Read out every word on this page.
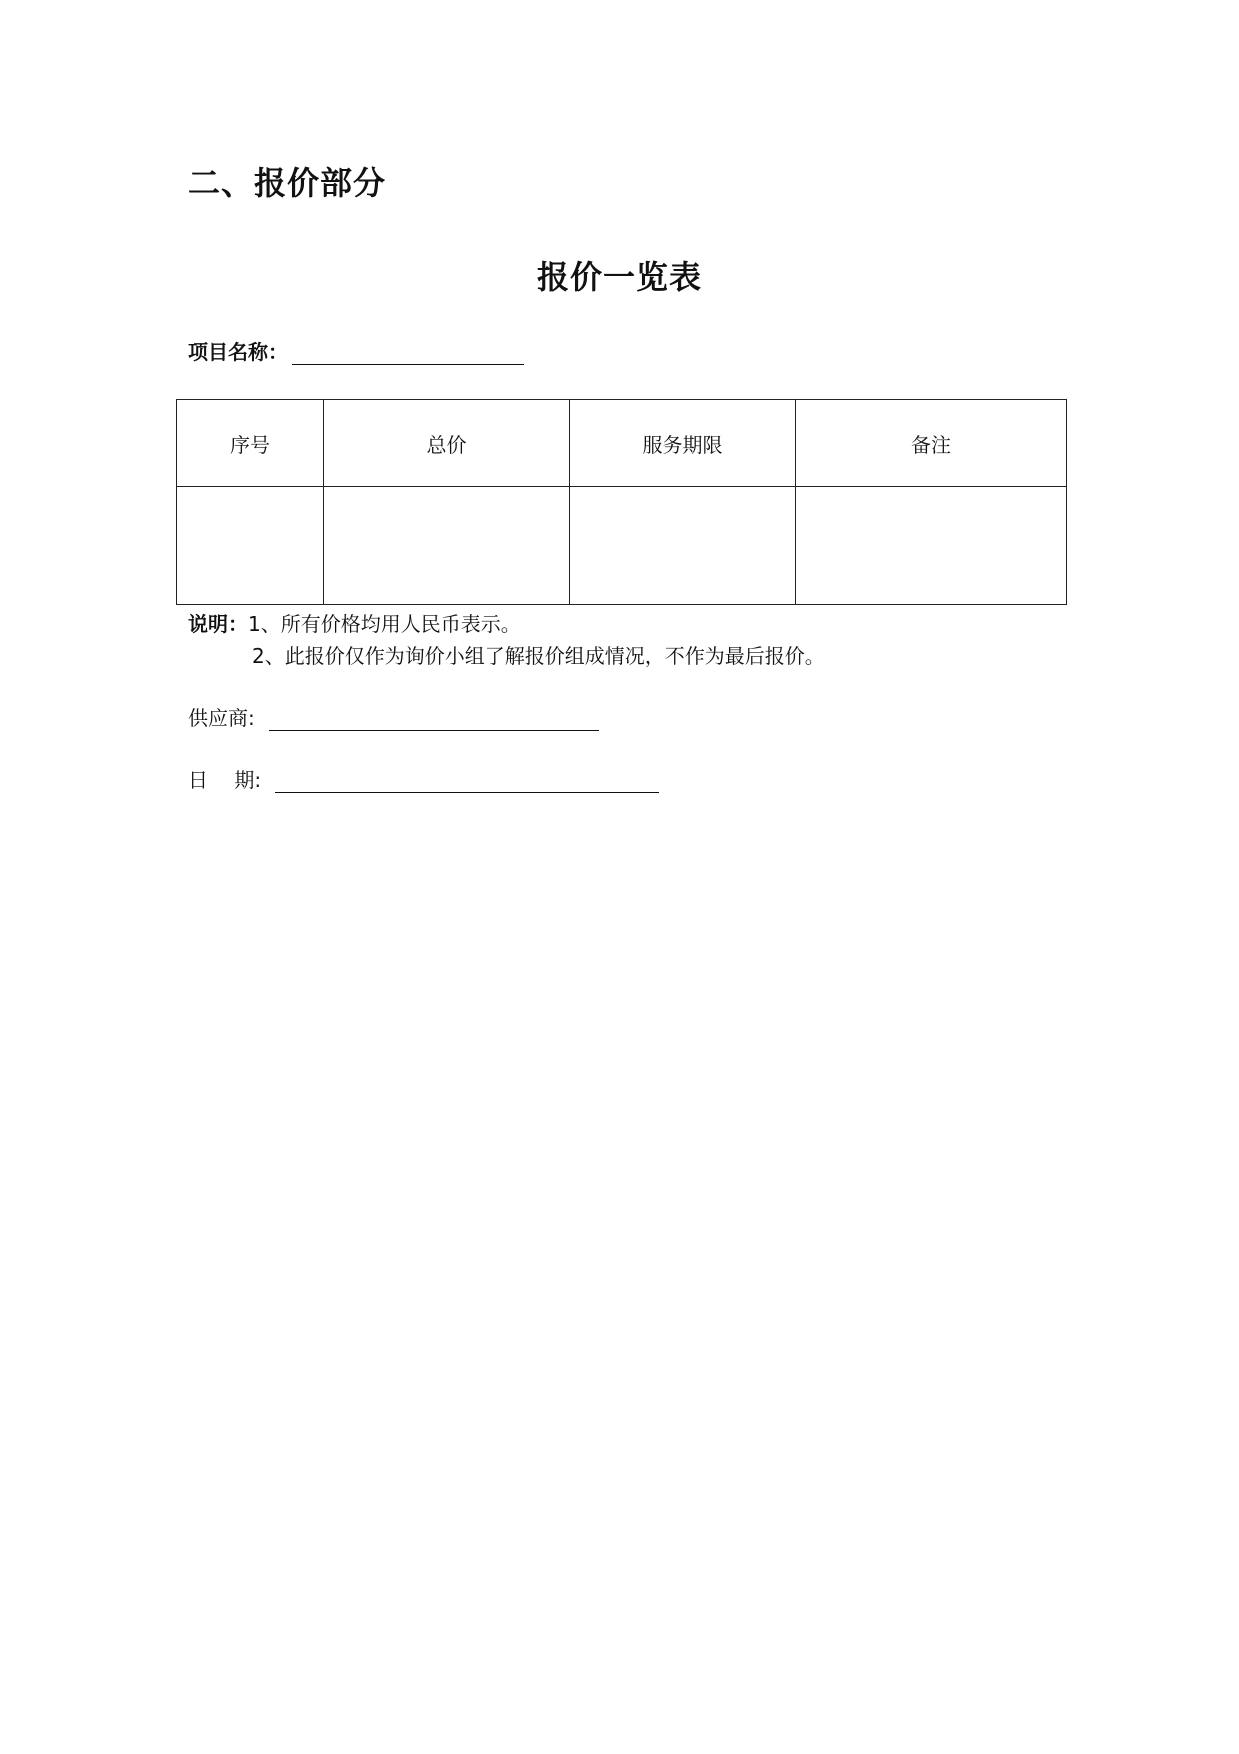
二、报价部分
报价一览表
项目名称：
序号	总价	服务期限	备注

说明：1、所有价格均用人民币表示。
2、此报价仅作为询价小组了解报价组成情况，不作为最后报价。
供应商:
日　 期:
